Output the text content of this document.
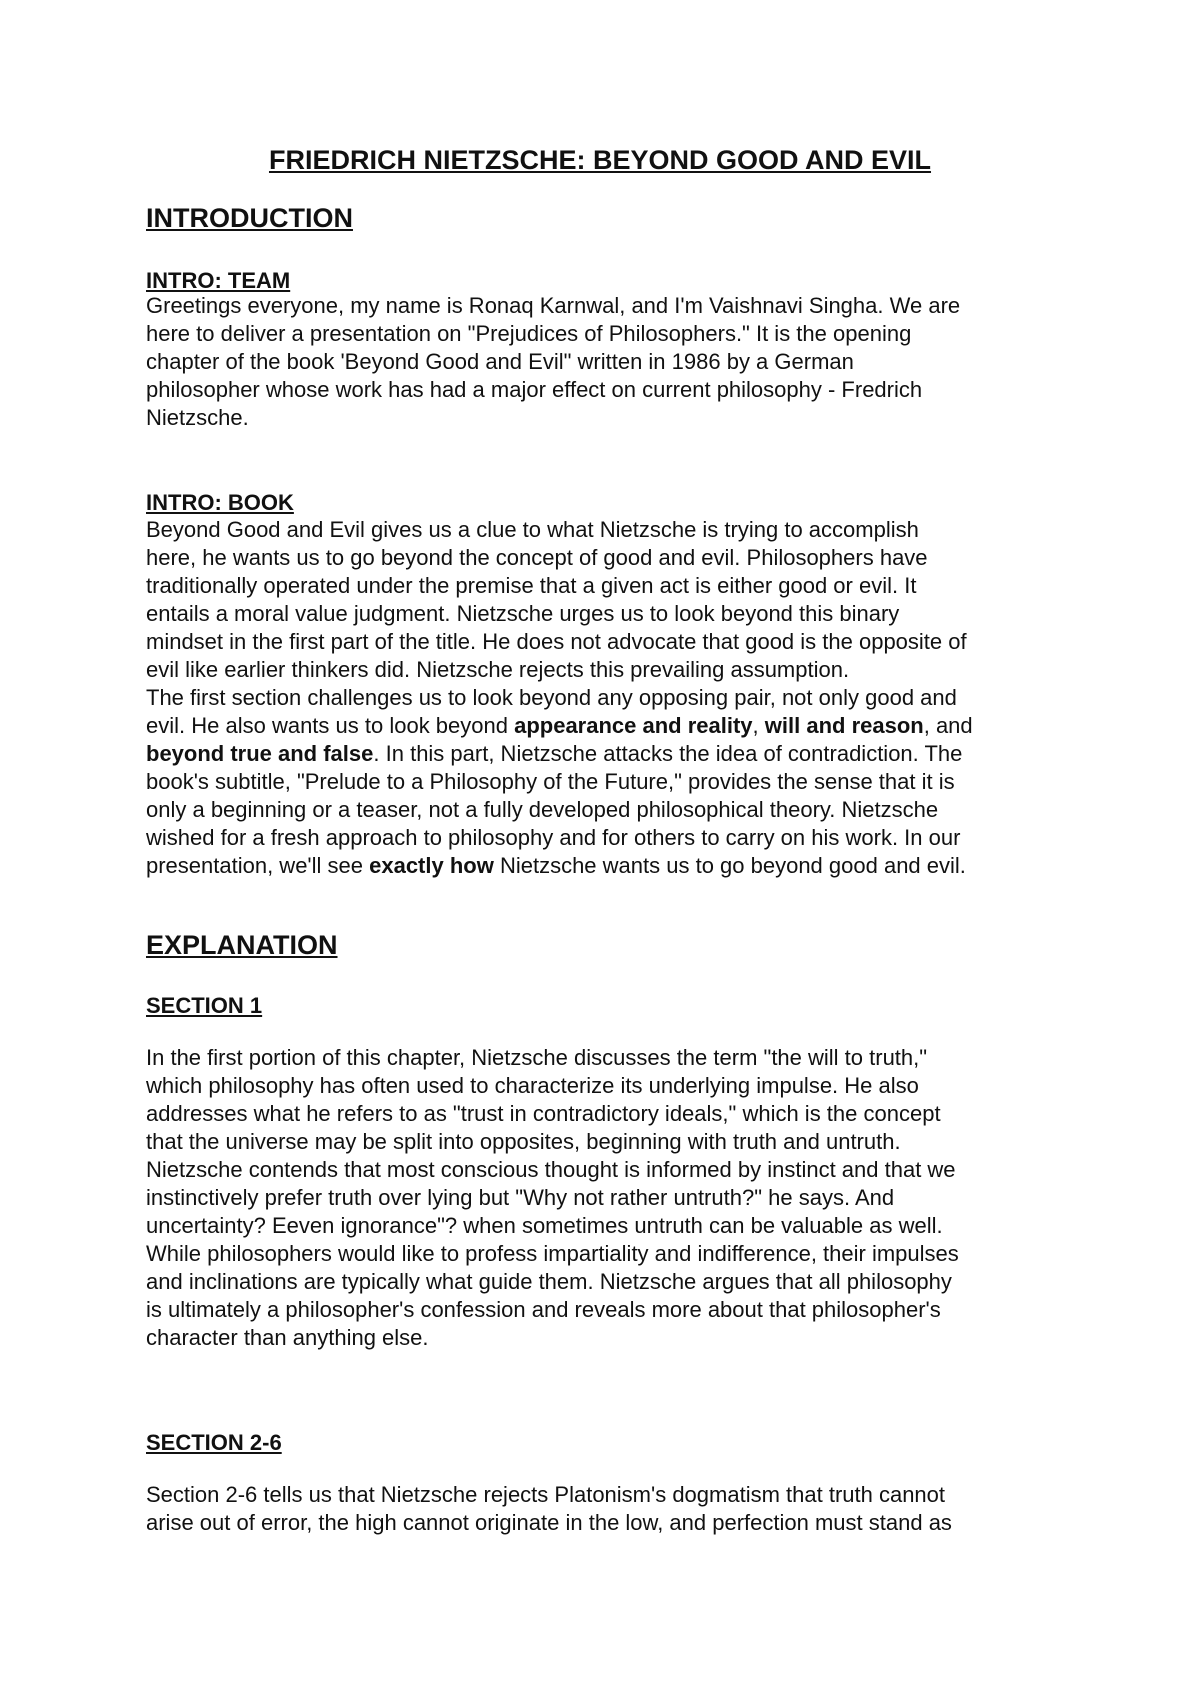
FRIEDRICH NIETZSCHE: BEYOND GOOD AND EVIL
INTRODUCTION
INTRO: TEAM
Greetings everyone, my name is Ronaq Karnwal, and I'm Vaishnavi Singha. We are
here to deliver a presentation on "Prejudices of Philosophers." It is the opening
chapter of the book 'Beyond Good and Evil" written in 1986 by a German
philosopher whose work has had a major effect on current philosophy - Fredrich
Nietzsche.
INTRO: BOOK
Beyond Good and Evil gives us a clue to what Nietzsche is trying to accomplish
here, he wants us to go beyond the concept of good and evil. Philosophers have
traditionally operated under the premise that a given act is either good or evil. It
entails a moral value judgment. Nietzsche urges us to look beyond this binary
mindset in the first part of the title. He does not advocate that good is the opposite of
evil like earlier thinkers did. Nietzsche rejects this prevailing assumption.
The first section challenges us to look beyond any opposing pair, not only good and
evil. He also wants us to look beyond appearance and reality, will and reason, and
beyond true and false. In this part, Nietzsche attacks the idea of contradiction. The
book's subtitle, "Prelude to a Philosophy of the Future," provides the sense that it is
only a beginning or a teaser, not a fully developed philosophical theory. Nietzsche
wished for a fresh approach to philosophy and for others to carry on his work. In our
presentation, we'll see exactly how Nietzsche wants us to go beyond good and evil.
EXPLANATION
SECTION 1
In the first portion of this chapter, Nietzsche discusses the term "the will to truth,"
which philosophy has often used to characterize its underlying impulse. He also
addresses what he refers to as "trust in contradictory ideals," which is the concept
that the universe may be split into opposites, beginning with truth and untruth.
Nietzsche contends that most conscious thought is informed by instinct and that we
instinctively prefer truth over lying but "Why not rather untruth?" he says. And
uncertainty? Eeven ignorance"? when sometimes untruth can be valuable as well.
While philosophers would like to profess impartiality and indifference, their impulses
and inclinations are typically what guide them. Nietzsche argues that all philosophy
is ultimately a philosopher's confession and reveals more about that philosopher's
character than anything else.
SECTION 2-6
Section 2-6 tells us that Nietzsche rejects Platonism's dogmatism that truth cannot
arise out of error, the high cannot originate in the low, and perfection must stand as
